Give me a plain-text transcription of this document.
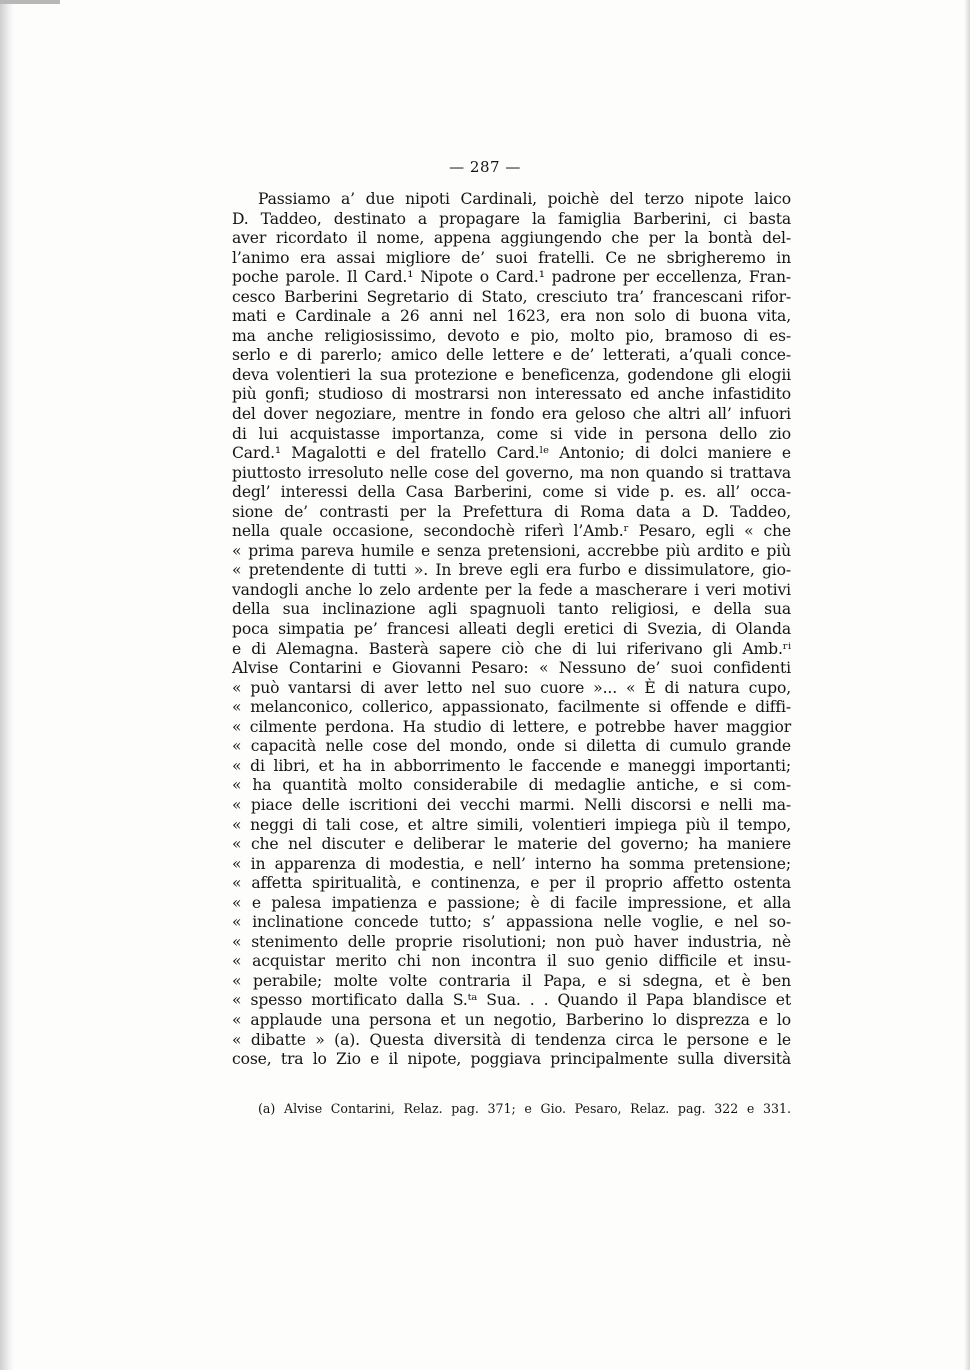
— 287 —
Passiamo a’ due nipoti Cardinali, poichè del terzo nipote laico
D. Taddeo, destinato a propagare la famiglia Barberini, ci basta
aver ricordato il nome, appena aggiungendo che per la bontà del-
l’animo era assai migliore de’ suoi fratelli. Ce ne sbrigheremo in
poche parole. Il Card.¹ Nipote o Card.¹ padrone per eccellenza, Fran-
cesco Barberini Segretario di Stato, cresciuto tra’ francescani rifor-
mati e Cardinale a 26 anni nel 1623, era non solo di buona vita,
ma anche religiosissimo, devoto e pio, molto pio, bramoso di es-
serlo e di parerlo; amico delle lettere e de’ letterati, a’quali conce-
deva volentieri la sua protezione e beneficenza, godendone gli elogii
più gonfi; studioso di mostrarsi non interessato ed anche infastidito
del dover negoziare, mentre in fondo era geloso che altri all’ infuori
di lui acquistasse importanza, come si vide in persona dello zio
Card.¹ Magalotti e del fratello Card.ˡᵉ Antonio; di dolci maniere e
piuttosto irresoluto nelle cose del governo, ma non quando si trattava
degl’ interessi della Casa Barberini, come si vide p. es. all’ occa-
sione de’ contrasti per la Prefettura di Roma data a D. Taddeo,
nella quale occasione, secondochè riferì l’Amb.ʳ Pesaro, egli « che
« prima pareva humile e senza pretensioni, accrebbe più ardito e più
« pretendente di tutti ». In breve egli era furbo e dissimulatore, gio-
vandogli anche lo zelo ardente per la fede a mascherare i veri motivi
della sua inclinazione agli spagnuoli tanto religiosi, e della sua
poca simpatia pe’ francesi alleati degli eretici di Svezia, di Olanda
e di Alemagna. Basterà sapere ciò che di lui riferivano gli Amb.ʳⁱ
Alvise Contarini e Giovanni Pesaro: « Nessuno de’ suoi confidenti
« può vantarsi di aver letto nel suo cuore »... « È di natura cupo,
« melanconico, collerico, appassionato, facilmente si offende e diffi-
« cilmente perdona. Ha studio di lettere, e potrebbe haver maggior
« capacità nelle cose del mondo, onde si diletta di cumulo grande
« di libri, et ha in abborrimento le faccende e maneggi importanti;
« ha quantità molto considerabile di medaglie antiche, e si com-
« piace delle iscritioni dei vecchi marmi. Nelli discorsi e nelli ma-
« neggi di tali cose, et altre simili, volentieri impiega più il tempo,
« che nel discuter e deliberar le materie del governo; ha maniere
« in apparenza di modestia, e nell’ interno ha somma pretensione;
« affetta spiritualità, e continenza, e per il proprio affetto ostenta
« e palesa impatienza e passione; è di facile impressione, et alla
« inclinatione concede tutto; s’ appassiona nelle voglie, e nel so-
« stenimento delle proprie risolutioni; non può haver industria, nè
« acquistar merito chi non incontra il suo genio difficile et insu-
« perabile; molte volte contraria il Papa, e si sdegna, et è ben
« spesso mortificato dalla S.ᵗᵃ Sua. . . Quando il Papa blandisce et
« applaude una persona et un negotio, Barberino lo disprezza e lo
« dibatte » (a). Questa diversità di tendenza circa le persone e le
cose, tra lo Zio e il nipote, poggiava principalmente sulla diversità
(a) Alvise Contarini, Relaz. pag. 371; e Gio. Pesaro, Relaz. pag. 322 e 331.
